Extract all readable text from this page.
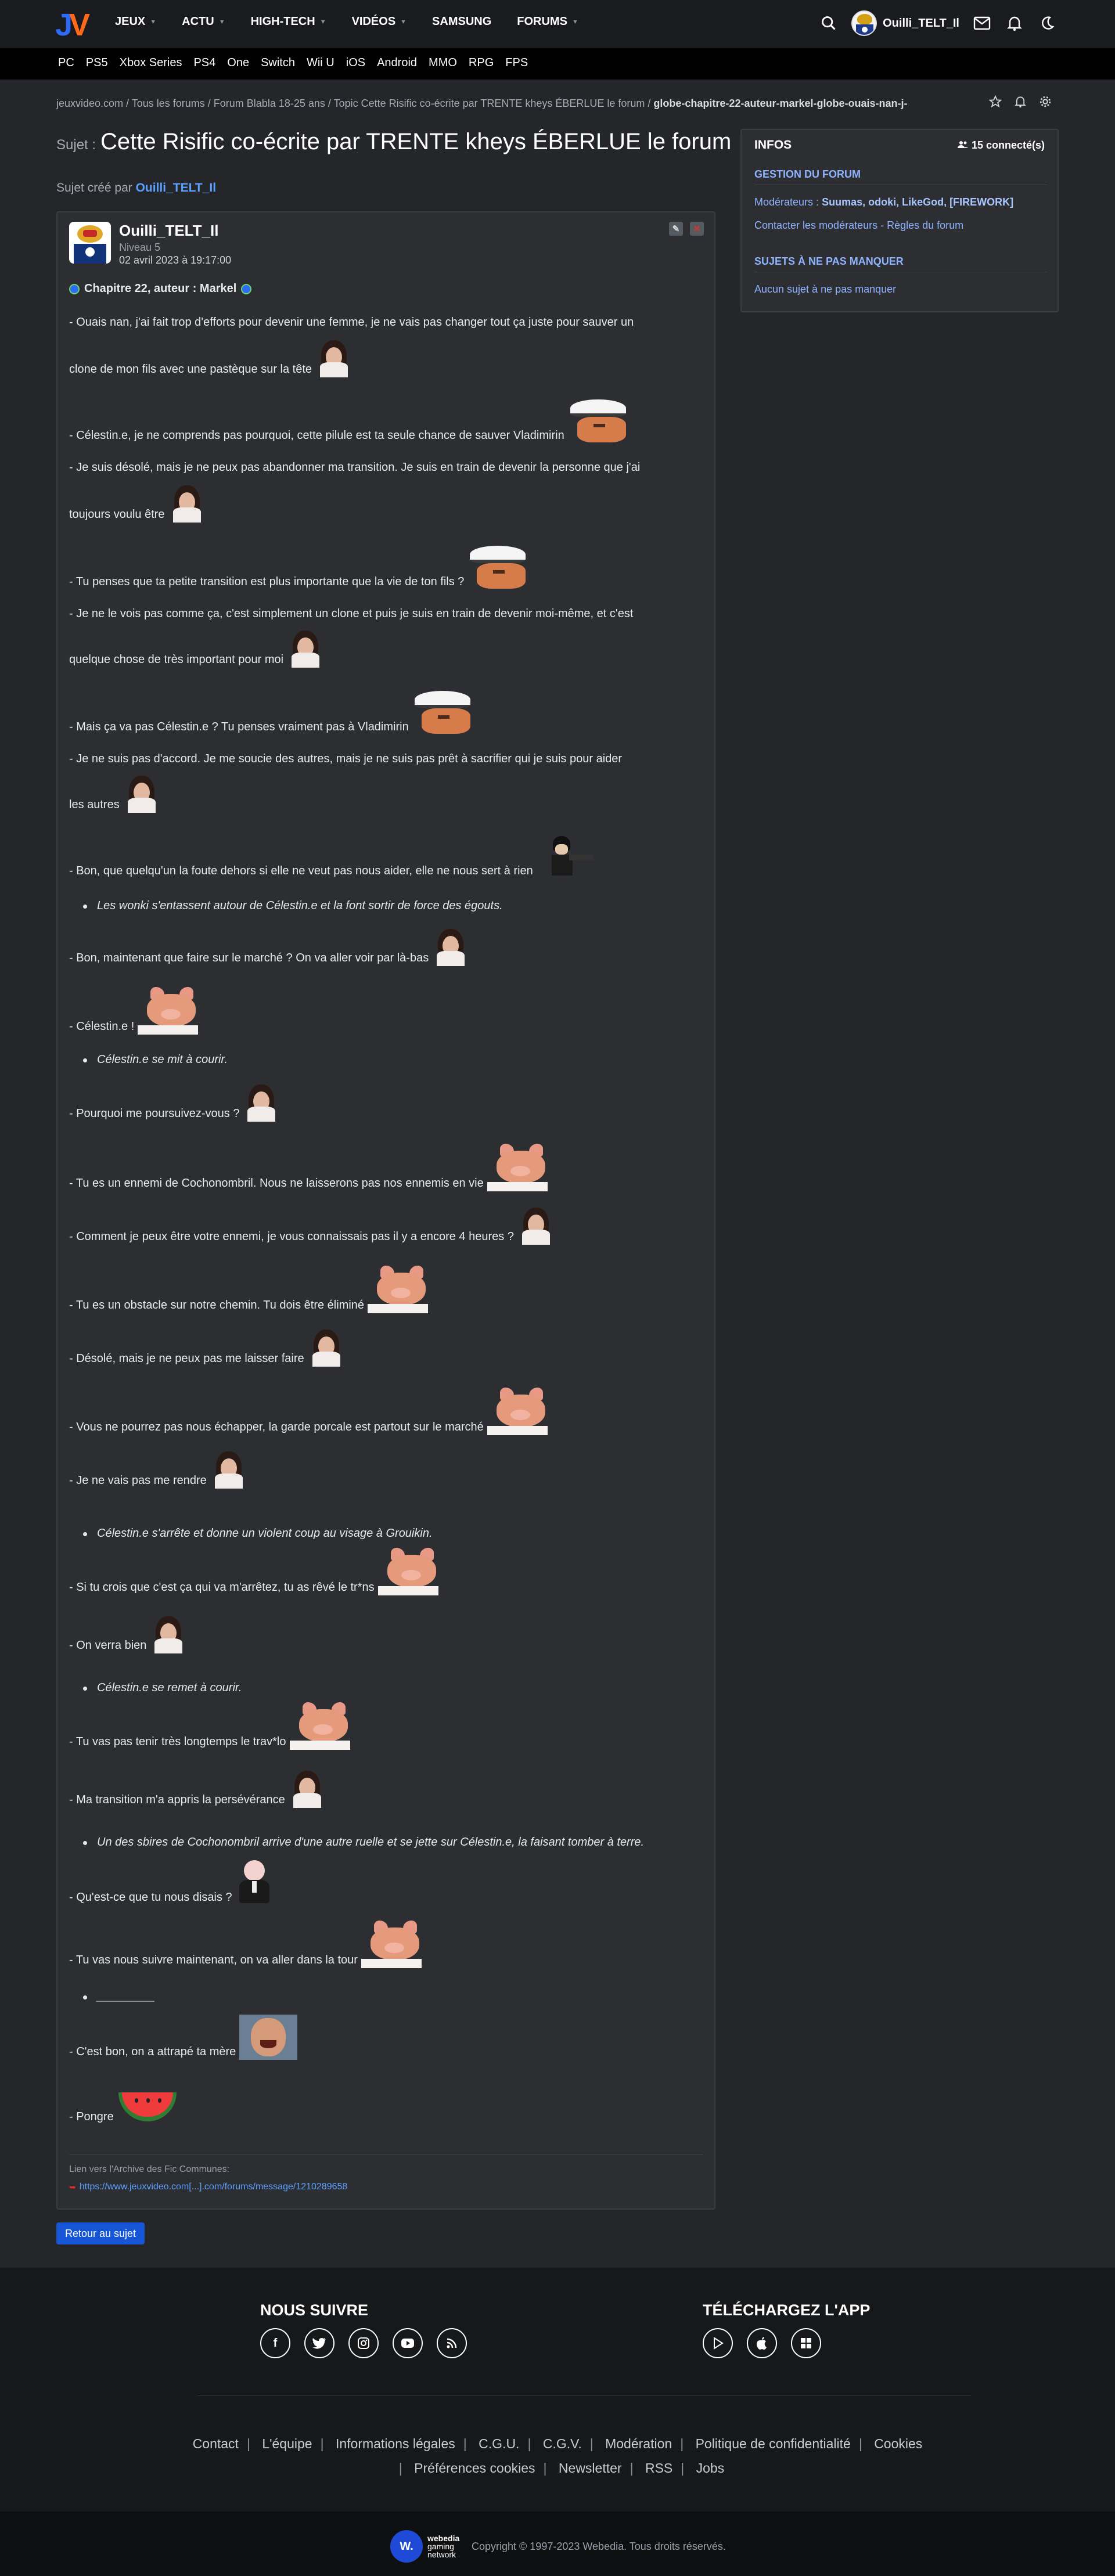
J V JEUX ▼ ACTU ▼ HIGH-TECH ▼ VIDÉOS ▼ SAMSUNG FORUMS ▼	Ouilli_TELT_Il
PC PS5 Xbox Series PS4 One Switch Wii U iOS Android MMO RPG FPS
jeuxvideo.com / Tous les forums / Forum Blabla 18-25 ans / Topic Cette Risific co-écrite par TRENTE kheys ÉBERLUE le forum / globe-chapitre-22-auteur-markel-globe-ouais-nan-j-
Sujet : Cette Risific co-écrite par TRENTE kheys ÉBERLUE le forum
Sujet créé par Ouilli_TELT_Il
Ouilli_TELT_Il
Niveau 5
02 avril 2023 à 19:17:00
✎	✕
Chapitre 22, auteur : Markel
- Ouais nan, j'ai fait trop d'efforts pour devenir une femme, je ne vais pas changer tout ça juste pour sauver un
clone de mon fils avec une pastèque sur la tête
- Célestin.e, je ne comprends pas pourquoi, cette pilule est ta seule chance de sauver Vladimirin
- Je suis désolé, mais je ne peux pas abandonner ma transition. Je suis en train de devenir la personne que j'ai
toujours voulu être
- Tu penses que ta petite transition est plus importante que la vie de ton fils ?
- Je ne le vois pas comme ça, c'est simplement un clone et puis je suis en train de devenir moi-même, et c'est
quelque chose de très important pour moi
- Mais ça va pas Célestin.e ? Tu penses vraiment pas à Vladimirin
- Je ne suis pas d'accord. Je me soucie des autres, mais je ne suis pas prêt à sacrifier qui je suis pour aider
les autres
- Bon, que quelqu'un la foute dehors si elle ne veut pas nous aider, elle ne nous sert à rien
Les wonki s'entassent autour de Célestin.e et la font sortir de force des égouts.
- Bon, maintenant que faire sur le marché ? On va aller voir par là-bas
- Célestin.e !
Célestin.e se mit à courir.
- Pourquoi me poursuivez-vous ?
- Tu es un ennemi de Cochonombril. Nous ne laisserons pas nos ennemis en vie
- Comment je peux être votre ennemi, je vous connaissais pas il y a encore 4 heures ?
- Tu es un obstacle sur notre chemin. Tu dois être éliminé
- Désolé, mais je ne peux pas me laisser faire
- Vous ne pourrez pas nous échapper, la garde porcale est partout sur le marché
- Je ne vais pas me rendre
Célestin.e s'arrête et donne un violent coup au visage à Grouikin.
- Si tu crois que c'est ça qui va m'arrêtez, tu as rêvé le tr*ns
- On verra bien
Célestin.e se remet à courir.
- Tu vas pas tenir très longtemps le trav*lo
- Ma transition m'a appris la persévérance
Un des sbires de Cochonombril arrive d'une autre ruelle et se jette sur Célestin.e, la faisant tomber à terre.
- Qu'est-ce que tu nous disais ?
- Tu vas nous suivre maintenant, on va aller dans la tour
_________
- C'est bon, on a attrapé ta mère
- Pongre
Lien vers l'Archive des Fic Communes:
➥ https://www.jeuxvideo.com[...].com/forums/message/1210289658
Retour au sujet
INFOS	15 connecté(s)
GESTION DU FORUM
Modérateurs : Suumas, odoki, LikeGod, [FIREWORK]
Contacter les modérateurs - Règles du forum
SUJETS À NE PAS MANQUER
Aucun sujet à ne pas manquer
NOUS SUIVRE
f
TÉLÉCHARGEZ L'APP
Contact | L'équipe | Informations légales | C.G.U. | C.G.V. | Modération | Politique de confidentialité | Cookies
| Préférences cookies | Newsletter | RSS | Jobs
W.
webedia
gaming
network
Copyright © 1997-2023 Webedia. Tous droits réservés.
